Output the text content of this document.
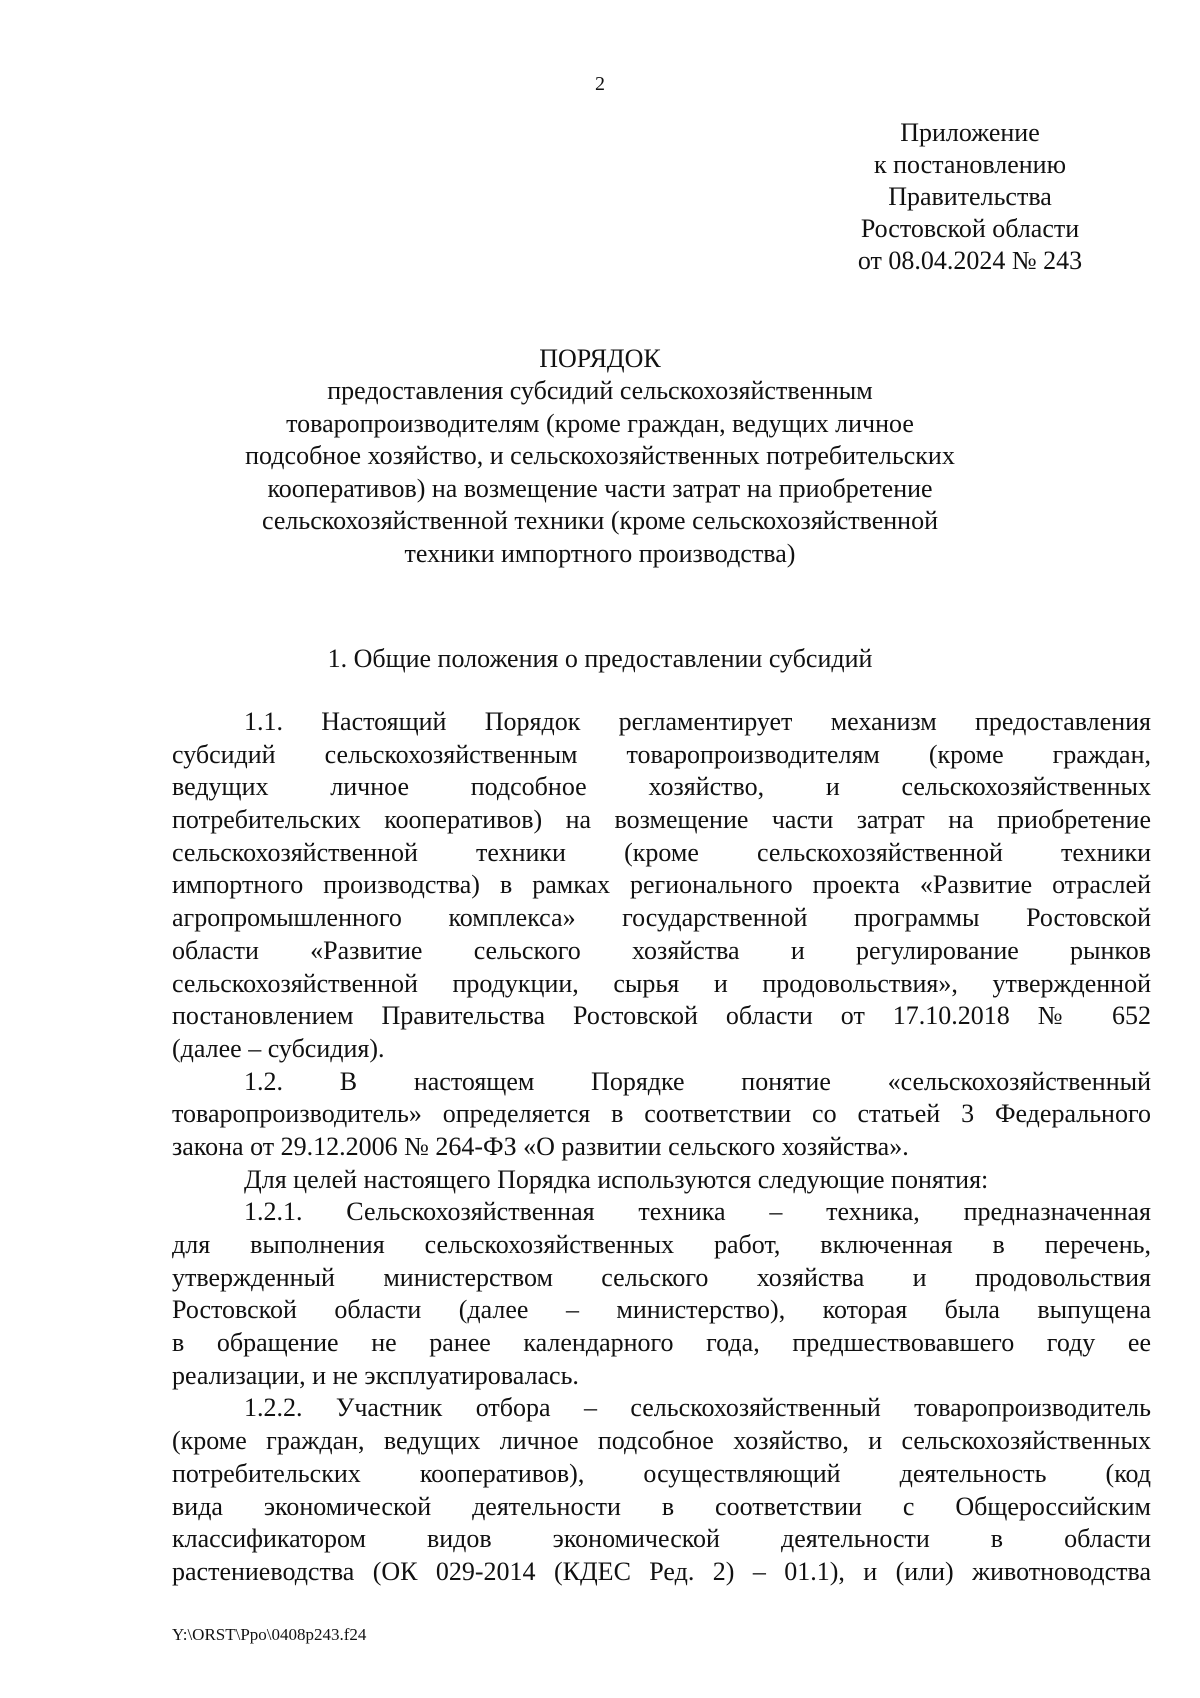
2
Приложение
к постановлению
Правительства
Ростовской области
от 08.04.2024 № 243
ПОРЯДОК
предоставления субсидий сельскохозяйственным
товаропроизводителям (кроме граждан, ведущих личное
подсобное хозяйство, и сельскохозяйственных потребительских
кооперативов) на возмещение части затрат на приобретение
сельскохозяйственной техники (кроме сельскохозяйственной
техники импортного производства)
1. Общие положения о предоставлении субсидий
1.1. Настоящий Порядок регламентирует механизм предоставления
субсидий сельскохозяйственным товаропроизводителям (кроме граждан,
ведущих личное подсобное хозяйство, и сельскохозяйственных
потребительских кооперативов) на возмещение части затрат на приобретение
сельскохозяйственной техники (кроме сельскохозяйственной техники
импортного производства) в рамках регионального проекта «Развитие отраслей
агропромышленного комплекса» государственной программы Ростовской
области «Развитие сельского хозяйства и регулирование рынков
сельскохозяйственной продукции, сырья и продовольствия», утвержденной
постановлением Правительства Ростовской области от 17.10.2018 № 652
(далее – субсидия).
1.2. В настоящем Порядке понятие «сельскохозяйственный
товаропроизводитель» определяется в соответствии со статьей 3 Федерального
закона от 29.12.2006 № 264-ФЗ «О развитии сельского хозяйства».
Для целей настоящего Порядка используются следующие понятия:
1.2.1. Сельскохозяйственная техника – техника, предназначенная
для выполнения сельскохозяйственных работ, включенная в перечень,
утвержденный министерством сельского хозяйства и продовольствия
Ростовской области (далее – министерство), которая была выпущена
в обращение не ранее календарного года, предшествовавшего году ее
реализации, и не эксплуатировалась.
1.2.2. Участник отбора – сельскохозяйственный товаропроизводитель
(кроме граждан, ведущих личное подсобное хозяйство, и сельскохозяйственных
потребительских кооперативов), осуществляющий деятельность (код
вида экономической деятельности в соответствии с Общероссийским
классификатором видов экономической деятельности в области
растениеводства (ОК 029-2014 (КДЕС Ред. 2) – 01.1), и (или) животноводства
Y:\ORST\Ppo\0408p243.f24
